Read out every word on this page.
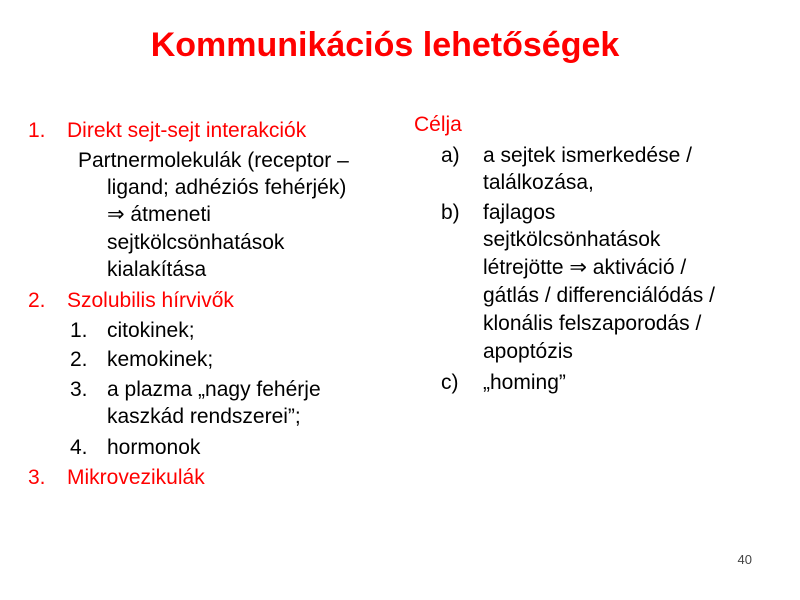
Kommunikációs lehetőségek
1. Direkt sejt-sejt interakciók
Partnermolekulák (receptor –
ligand; adhéziós fehérjék)
⇒ átmeneti
sejtkölcsönhatások
kialakítása
2. Szolubilis hírvivők
1. citokinek;
2. kemokinek;
3. a plazma „nagy fehérje
kaszkád rendszerei”;
4. hormonok
3. Mikrovezikulák
Célja
a) a sejtek ismerkedése /
találkozása,
b) fajlagos
sejtkölcsönhatások
létrejötte ⇒ aktiváció /
gátlás / differenciálódás /
klonális felszaporodás /
apoptózis
c) „homing”
40
